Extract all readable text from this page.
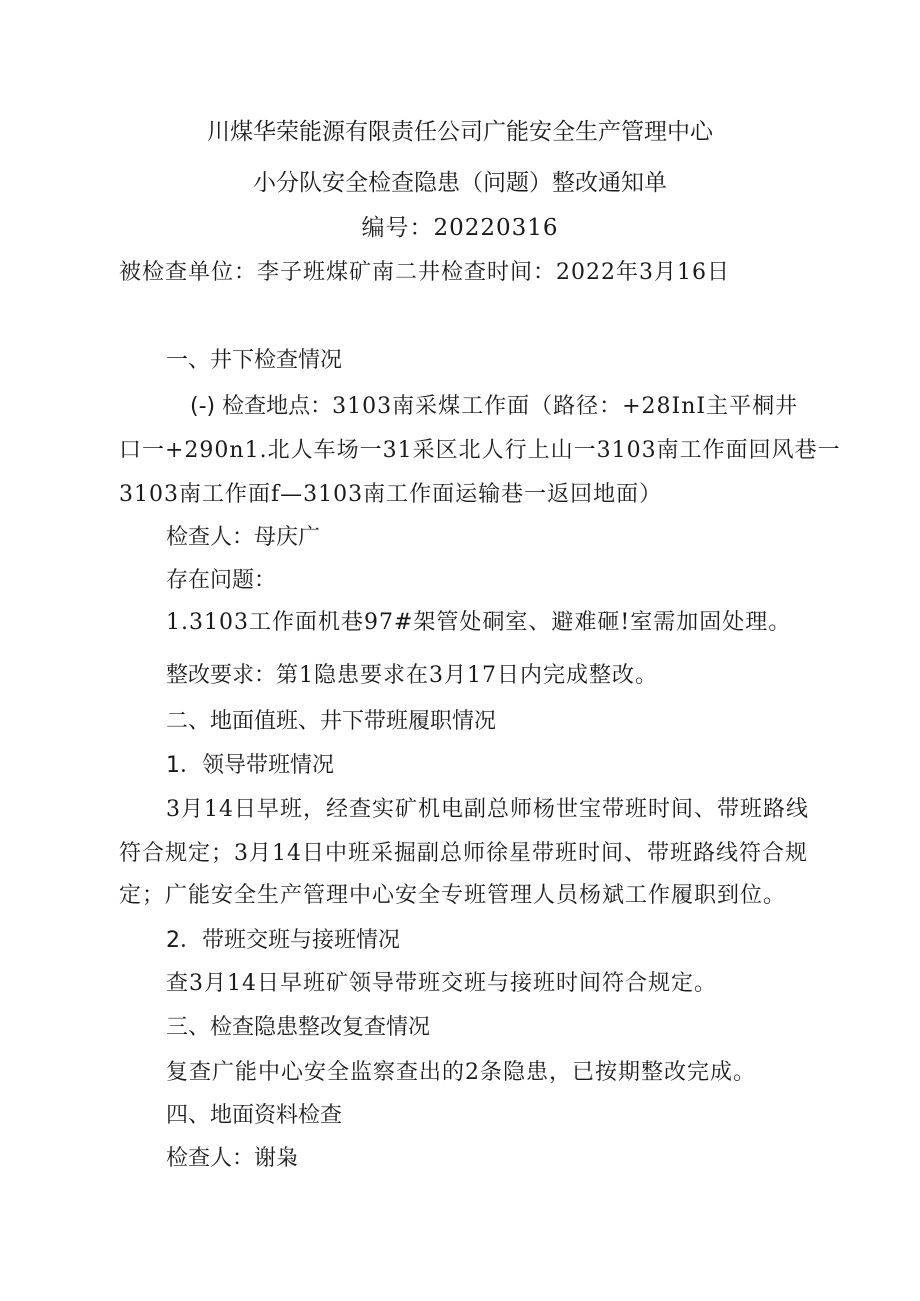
川煤华荣能源有限责任公司广能安全生产管理中心
小分队安全检查隐患（问题）整改通知单
编号：20220316
被检查单位：李子班煤矿南二井检查时间：2022年3月16日
一、井下检查情况
(-) 检查地点：3103南采煤工作面（路径：+28InI主平桐井
口一+290n1.北人车场一31采区北人行上山一3103南工作面回风巷一
3103南工作面f—3103南工作面运输巷一返回地面）
检查人：母庆广
存在问题：
1.3103工作面机巷97#架管处硐室、避难砸!室需加固处理。
整改要求：第1隐患要求在3月17日内完成整改。
二、地面值班、井下带班履职情况
1．领导带班情况
3月14日早班，经查实矿机电副总师杨世宝带班时间、带班路线
符合规定；3月14日中班采掘副总师徐星带班时间、带班路线符合规
定；广能安全生产管理中心安全专班管理人员杨斌工作履职到位。
2．带班交班与接班情况
查3月14日早班矿领导带班交班与接班时间符合规定。
三、检查隐患整改复查情况
复查广能中心安全监察查出的2条隐患，已按期整改完成。
四、地面资料检查
检查人：谢枭
